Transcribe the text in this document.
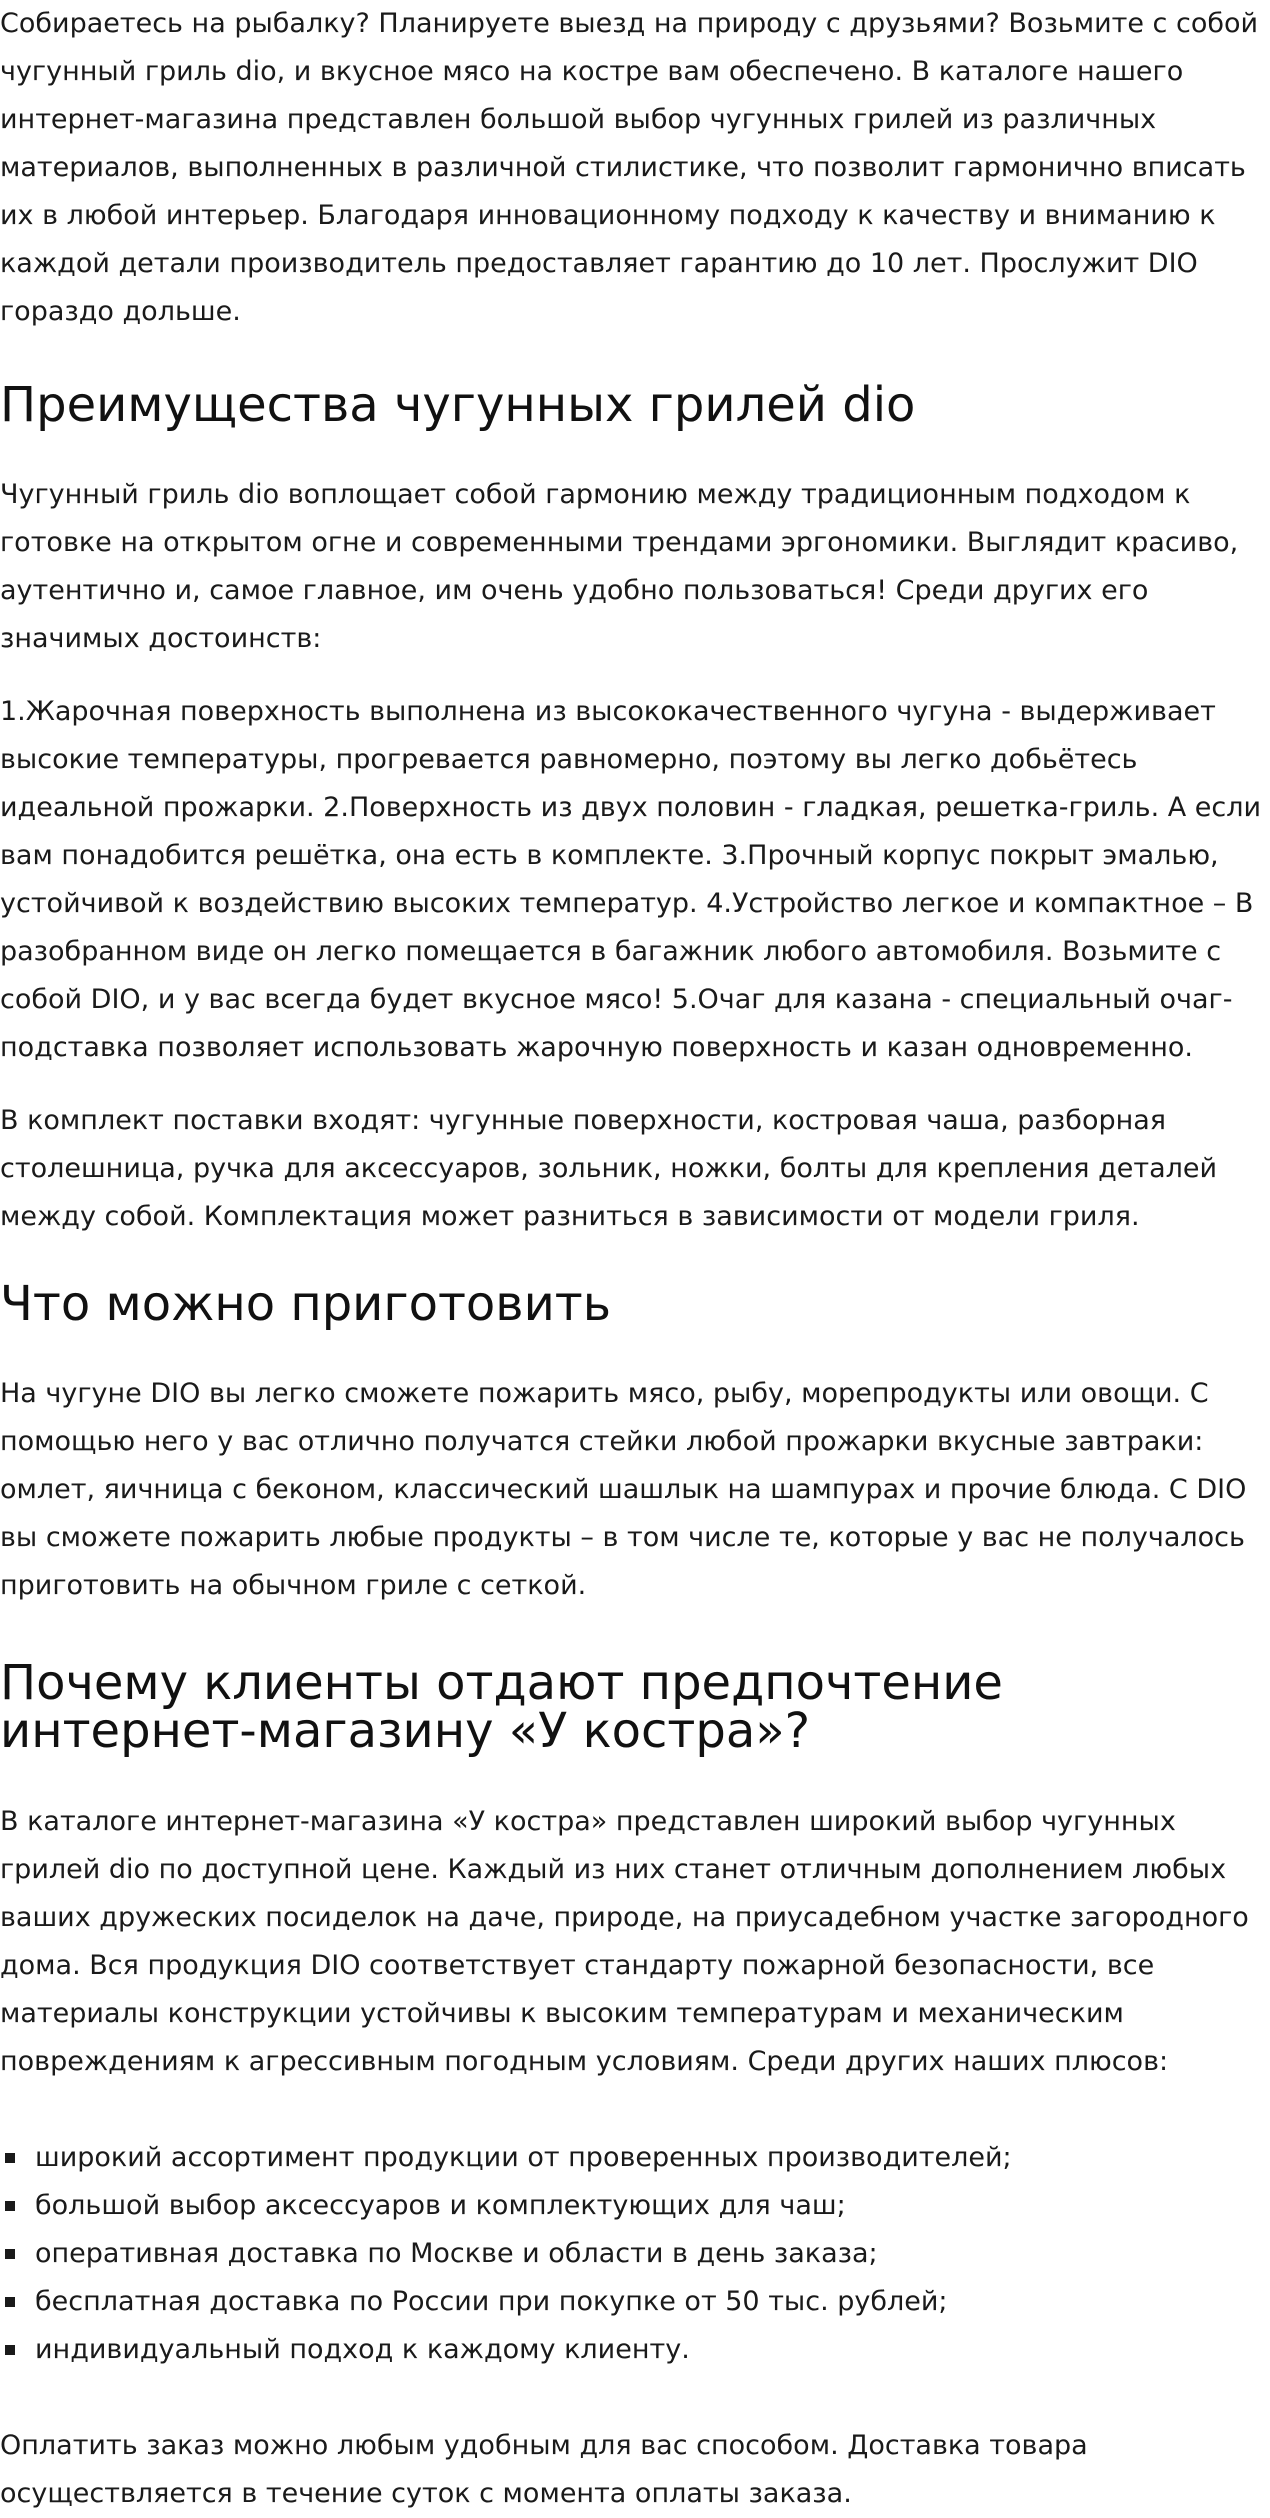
Собираетесь на рыбалку? Планируете выезд на природу с друзьями? Возьмите с собой чугунный гриль dio, и вкусное мясо на костре вам обеспечено. В каталоге нашего интернет-магазина представлен большой выбор чугунных грилей из различных материалов, выполненных в различной стилистике, что позволит гармонично вписать их в любой интерьер. Благодаря инновационному подходу к качеству и вниманию к каждой детали производитель предоставляет гарантию до 10 лет. Прослужит DIO гораздо дольше.

Преимущества чугунных грилей dio

Чугунный гриль dio воплощает собой гармонию между традиционным подходом к готовке на открытом огне и современными трендами эргономики. Выглядит красиво, аутентично и, самое главное, им очень удобно пользоваться! Среди других его значимых достоинств:

1.Жарочная поверхность выполнена из высококачественного чугуна - выдерживает высокие температуры, прогревается равномерно, поэтому вы легко добьётесь идеальной прожарки. 2.Поверхность из двух половин - гладкая, решетка-гриль. А если вам понадобится решётка, она есть в комплекте. 3.Прочный корпус покрыт эмалью, устойчивой к воздействию высоких температур. 4.Устройство легкое и компактное – В разобранном виде он легко помещается в багажник любого автомобиля. Возьмите с собой DIO, и у вас всегда будет вкусное мясо! 5.Очаг для казана - специальный очаг-подставка позволяет использовать жарочную поверхность и казан одновременно.

В комплект поставки входят: чугунные поверхности, костровая чаша, разборная столешница, ручка для аксессуаров, зольник, ножки, болты для крепления деталей между собой. Комплектация может разниться в зависимости от модели гриля.

Что можно приготовить

На чугуне DIO вы легко сможете пожарить мясо, рыбу, морепродукты или овощи. С помощью него у вас отлично получатся стейки любой прожарки вкусные завтраки: омлет, яичница с беконом, классический шашлык на шампурах и прочие блюда. С DIO вы сможете пожарить любые продукты – в том числе те, которые у вас не получалось приготовить на обычном гриле с сеткой.

Почему клиенты отдают предпочтение интернет-магазину «У костра»?

В каталоге интернет-магазина «У костра» представлен широкий выбор чугунных грилей dio по доступной цене. Каждый из них станет отличным дополнением любых ваших дружеских посиделок на даче, природе, на приусадебном участке загородного дома. Вся продукция DIO соответствует стандарту пожарной безопасности, все материалы конструкции устойчивы к высоким температурам и механическим повреждениям к агрессивным погодным условиям. Среди других наших плюсов:

широкий ассортимент продукции от проверенных производителей;
большой выбор аксессуаров и комплектующих для чаш;
оперативная доставка по Москве и области в день заказа;
бесплатная доставка по России при покупке от 50 тыс. рублей;
индивидуальный подход к каждому клиенту.

Оплатить заказ можно любым удобным для вас способом. Доставка товара осуществляется в течение суток с момента оплаты заказа.
